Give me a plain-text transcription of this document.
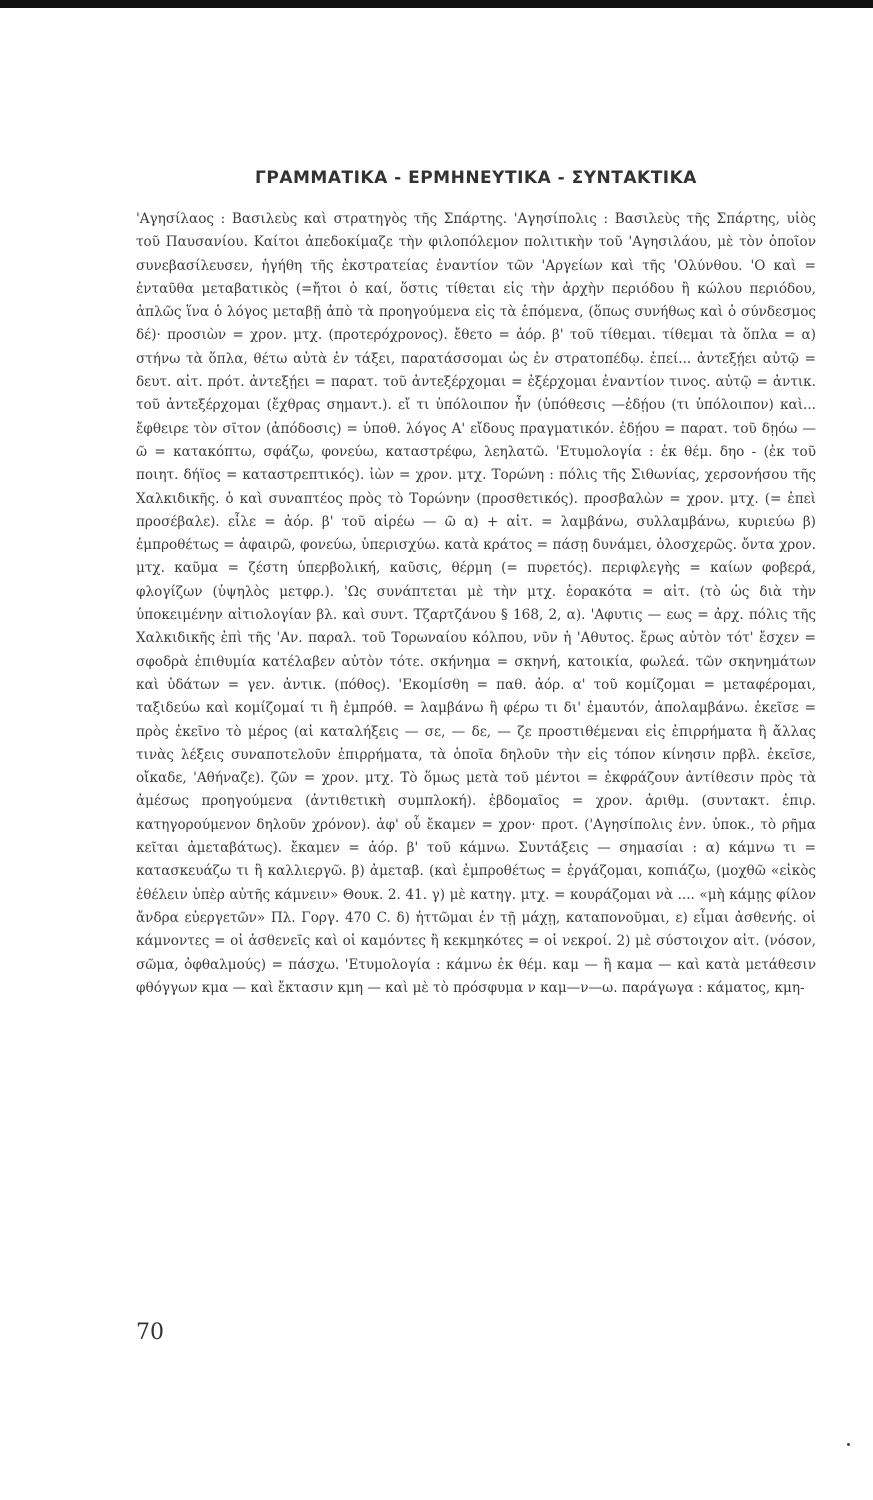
ΓΡΑΜΜΑΤΙΚΑ - ΕΡΜΗΝΕΥΤΙΚΑ - ΣΥΝΤΑΚΤΙΚΑ

'Αγησίλαος : Βασιλεὺς καὶ στρατηγὸς τῆς Σπάρτης. 'Αγησίπολις : Βασιλεὺς τῆς Σπάρτης, υἱὸς τοῦ Παυσανίου. Καίτοι ἀπεδοκίμαζε τὴν φιλοπόλεμον πολιτικὴν τοῦ 'Αγησιλάου, μὲ τὸν ὁποῖον συνεβασίλευσεν, ἡγήθη τῆς ἐκστρατείας ἐναντίον τῶν 'Αργείων καὶ τῆς 'Ολύνθου. 'Ο καὶ = ἐνταῦθα μεταβατικὸς (=ἤτοι ὁ καί, ὅστις τίθεται εἰς τὴν ἀρχὴν περιόδου ἢ κώλου περιόδου, ἁπλῶς ἵνα ὁ λόγος μεταβῇ ἀπὸ τὰ προηγούμενα εἰς τὰ ἑπόμενα, (ὅπως συνήθως καὶ ὁ σύνδεσμος δέ)· προσιὼν = χρον. μτχ. (προτερόχρονος). ἔθετο = ἀόρ. β' τοῦ τίθεμαι. τίθεμαι τὰ ὅπλα = α) στήνω τὰ ὅπλα, θέτω αὐτὰ ἐν τάξει, παρατάσσομαι ὡς ἐν στρατοπέδῳ. ἐπεί... ἀντεξῄει αὐτῷ = δευτ. αἰτ. πρότ. ἀντεξῄει = παρατ. τοῦ ἀντεξέρχομαι = ἐξέρχομαι ἐναντίον τινος. αὐτῷ = ἀντικ. τοῦ ἀντεξέρχομαι (ἔχθρας σημαντ.). εἴ τι ὑπόλοιπον ἦν (ὑπόθεσις —ἐδῄου (τι ὑπόλοιπον) καὶ... ἔφθειρε τὸν σῖτον (ἀπόδοσις) = ὑποθ. λόγος Α' εἴδους πραγματικόν. ἐδῄου = παρατ. τοῦ δῃόω — ῶ = κατακόπτω, σφάζω, φονεύω, καταστρέφω, λεηλατῶ. 'Ετυμολογία : ἐκ θέμ. δηο - (ἐκ τοῦ ποιητ. δήϊος = καταστρεπτικός). ἰὼν = χρον. μτχ. Τορώνη : πόλις τῆς Σιθωνίας, χερσονήσου τῆς Χαλκιδικῆς. ὁ καὶ συναπτέος πρὸς τὸ Τορώνην (προσθετικός). προσβαλὼν = χρον. μτχ. (= ἐπεὶ προσέβαλε). εἷλε = ἀόρ. β' τοῦ αἱρέω — ῶ α) + αἰτ. = λαμβάνω, συλλαμβάνω, κυριεύω β) ἐμπροθέτως = ἀφαιρῶ, φονεύω, ὑπερισχύω. κατὰ κράτος = πάσῃ δυνάμει, ὁλοσχερῶς. ὄντα χρον. μτχ. καῦμα = ζέστη ὑπερβολική, καῦσις, θέρμη (= πυρετός). περιφλεγὴς = καίων φοβερά, φλογίζων (ὑψηλὸς μετφρ.). 'Ως συνάπτεται μὲ τὴν μτχ. ἑορακότα = αἰτ. (τὸ ὡς διὰ τὴν ὑποκειμένην αἰτιολογίαν βλ. καὶ συντ. Τζαρτζάνου § 168, 2, α). 'Αφυτις — εως = ἀρχ. πόλις τῆς Χαλκιδικῆς ἐπὶ τῆς 'Αν. παραλ. τοῦ Τορωναίου κόλπου, νῦν ἡ 'Αθυτος. ἔρως αὐτὸν τότ' ἔσχεν = σφοδρὰ ἐπιθυμία κατέλαβεν αὐτὸν τότε. σκήνημα = σκηνή, κατοικία, φωλεά. τῶν σκηνημάτων καὶ ὑδάτων = γεν. ἀντικ. (πόθος). 'Εκομίσθη = παθ. ἀόρ. α' τοῦ κομίζομαι = μεταφέρομαι, ταξιδεύω καὶ κομίζομαί τι ἢ ἐμπρόθ. = λαμβάνω ἢ φέρω τι δι' ἐμαυτόν, ἀπολαμβάνω. ἐκεῖσε = πρὸς ἐκεῖνο τὸ μέρος (αἱ καταλήξεις — σε, — δε, — ζε προστιθέμεναι εἰς ἐπιρρήματα ἢ ἄλλας τινὰς λέξεις συναποτελοῦν ἐπιρρήματα, τὰ ὁποῖα δηλοῦν τὴν εἰς τόπον κίνησιν πρβλ. ἐκεῖσε, οἴκαδε, 'Αθήναζε). ζῶν = χρον. μτχ. Τὸ ὅμως μετὰ τοῦ μέντοι = ἐκφράζουν ἀντίθεσιν πρὸς τὰ ἀμέσως προηγούμενα (ἀντιθετικὴ συμπλοκή). ἑβδομαῖος = χρον. ἀριθμ. (συντακτ. ἐπιρ. κατηγορούμενον δηλοῦν χρόνον). ἀφ' οὗ ἔκαμεν = χρον· προτ. ('Αγησίπολις ἐνν. ὑποκ., τὸ ρῆμα κεῖται ἀμεταβάτως). ἔκαμεν = ἀόρ. β' τοῦ κάμνω. Συντάξεις — σημασίαι : α) κάμνω τι = κατασκευάζω τι ἢ καλλιεργῶ. β) ἀμεταβ. (καὶ ἐμπροθέτως = ἐργάζομαι, κοπιάζω, (μοχθῶ «εἰκὸς ἐθέλειν ὑπὲρ αὐτῆς κάμνειν» Θουκ. 2. 41. γ) μὲ κατηγ. μτχ. = κουράζομαι νὰ .... «μὴ κάμῃς φίλον ἄνδρα εὐεργετῶν» Πλ. Γοργ. 470 C. δ) ἡττῶμαι ἐν τῇ μάχῃ, καταπονοῦμαι, ε) εἶμαι ἀσθενής. οἱ κάμνοντες = οἱ ἀσθενεῖς καὶ οἱ καμόντες ἢ κεκμηκότες = οἱ νεκροί. 2) μὲ σύστοιχον αἰτ. (νόσον, σῶμα, ὀφθαλμούς) = πάσχω. 'Ετυμολογία : κάμνω ἐκ θέμ. καμ — ἢ καμα — καὶ κατὰ μετάθεσιν φθόγγων κμα — καὶ ἔκτασιν κμη — καὶ μὲ τὸ πρόσφυμα ν καμ—ν—ω. παράγωγα : κάματος, κμη-

70
